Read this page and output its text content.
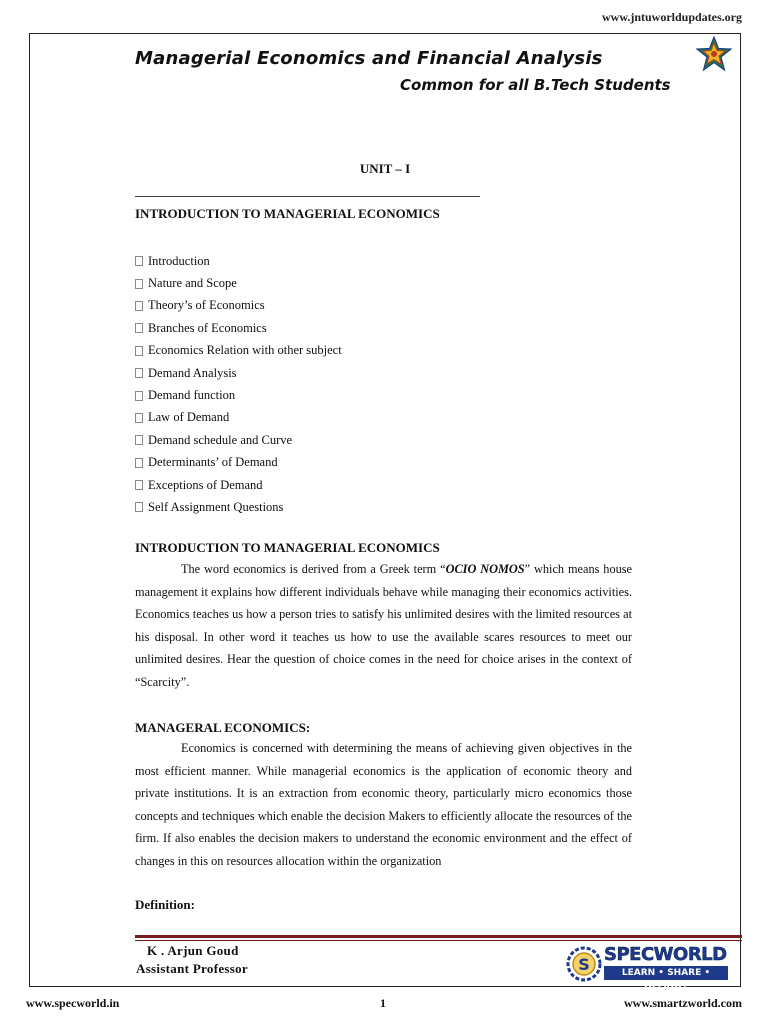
www.jntuworldupdates.org
Managerial Economics and Financial Analysis
Common for all B.Tech Students
UNIT – I
INTRODUCTION TO MANAGERIAL ECONOMICS
Introduction
Nature and Scope
Theory’s of Economics
Branches of Economics
Economics Relation with other subject
Demand Analysis
Demand function
Law of Demand
Demand schedule and Curve
Determinants’ of Demand
Exceptions of Demand
Self Assignment Questions
INTRODUCTION TO MANAGERIAL ECONOMICS

The word economics is derived from a Greek term “OCIO NOMOS” which means house management it explains how different individuals behave while managing their economics activities. Economics teaches us how a person tries to satisfy his unlimited desires with the limited resources at his disposal. In other word it teaches us how to use the available scares resources to meet our unlimited desires. Hear the question of choice comes in the need for choice arises in the context of “Scarcity”.

MANAGERAL ECONOMICS:

Economics is concerned with determining the means of achieving given objectives in the most efficient manner. While managerial economics is the application of economic theory and private institutions. It is an extraction from economic theory, particularly micro economics those concepts and techniques which enable the decision Makers to efficiently allocate the resources of the firm. If also enables the decision makers to understand the economic environment and the effect of changes in this on resources allocation within the organization

Definition:
K . Arjun Goud
Assistant Professor	S SPECWORLD
LEARN • SHARE • DELIGHT
www.specworld.in	1	www.smartzworld.com
